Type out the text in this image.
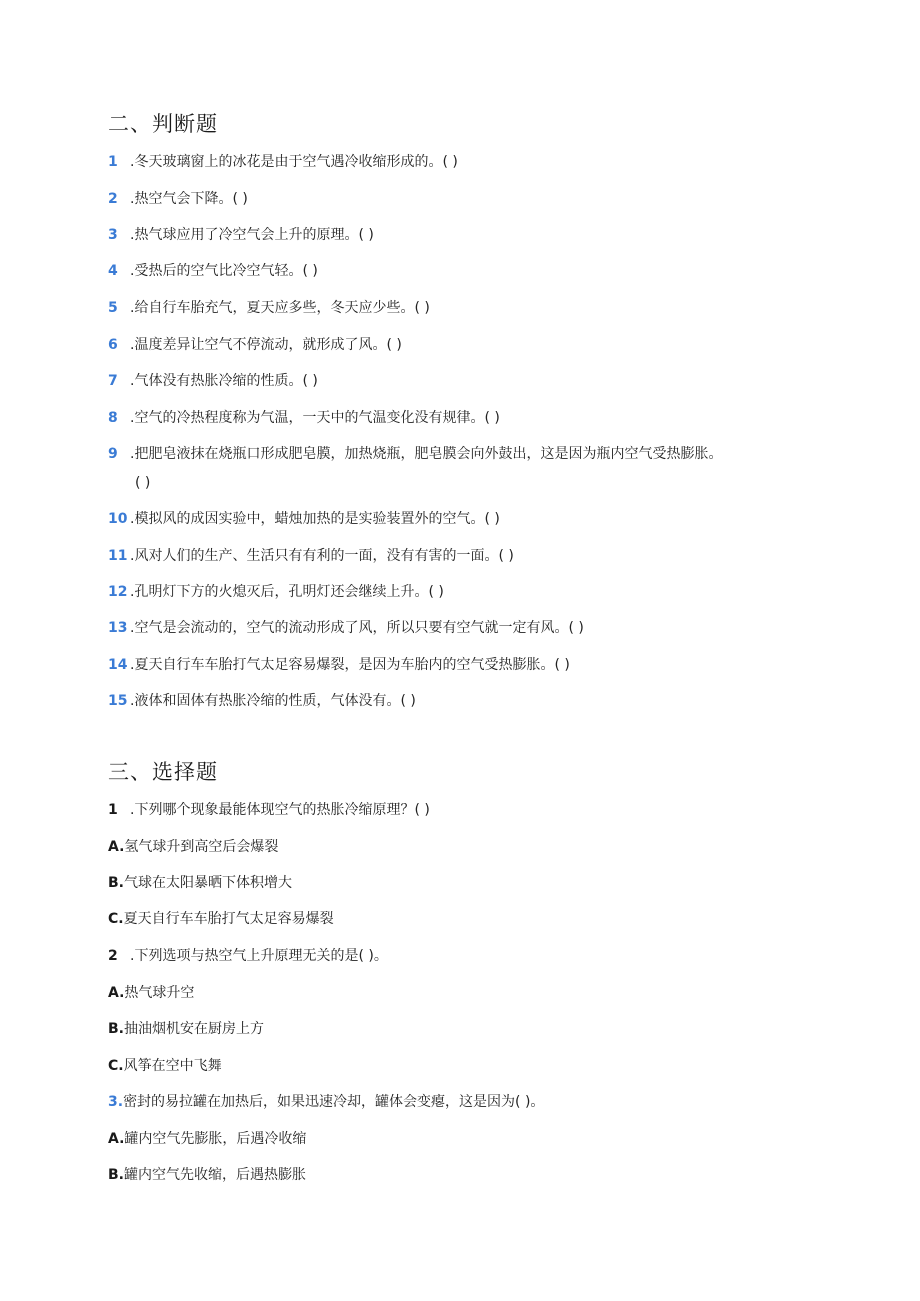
二、判断题
1 .冬天玻璃窗上的冰花是由于空气遇冷收缩形成的。( )
2 .热空气会下降。( )
3 .热气球应用了冷空气会上升的原理。( )
4 .受热后的空气比冷空气轻。( )
5 .给自行车胎充气，夏天应多些，冬天应少些。( )
6 .温度差异让空气不停流动，就形成了风。( )
7 .气体没有热胀冷缩的性质。( )
8 .空气的冷热程度称为气温，一天中的气温变化没有规律。( )
9 .把肥皂液抹在烧瓶口形成肥皂膜，加热烧瓶，肥皂膜会向外鼓出，这是因为瓶内空气受热膨胀。
( )
10 .模拟风的成因实验中，蜡烛加热的是实验装置外的空气。( )
11 .风对人们的生产、生活只有有利的一面，没有有害的一面。( )
12 .孔明灯下方的火熄灭后，孔明灯还会继续上升。( )
13 .空气是会流动的，空气的流动形成了风，所以只要有空气就一定有风。( )
14 .夏天自行车车胎打气太足容易爆裂，是因为车胎内的空气受热膨胀。( )
15 .液体和固体有热胀冷缩的性质，气体没有。( )
三、选择题
1 .下列哪个现象最能体现空气的热胀冷缩原理？( )
A.氢气球升到高空后会爆裂
B.气球在太阳暴晒下体积增大
C.夏天自行车车胎打气太足容易爆裂
2 .下列选项与热空气上升原理无关的是( )。
A.热气球升空
B.抽油烟机安在厨房上方
C.风筝在空中飞舞
3.密封的易拉罐在加热后，如果迅速冷却，罐体会变瘪，这是因为( )。
A.罐内空气先膨胀，后遇冷收缩
B.罐内空气先收缩，后遇热膨胀
